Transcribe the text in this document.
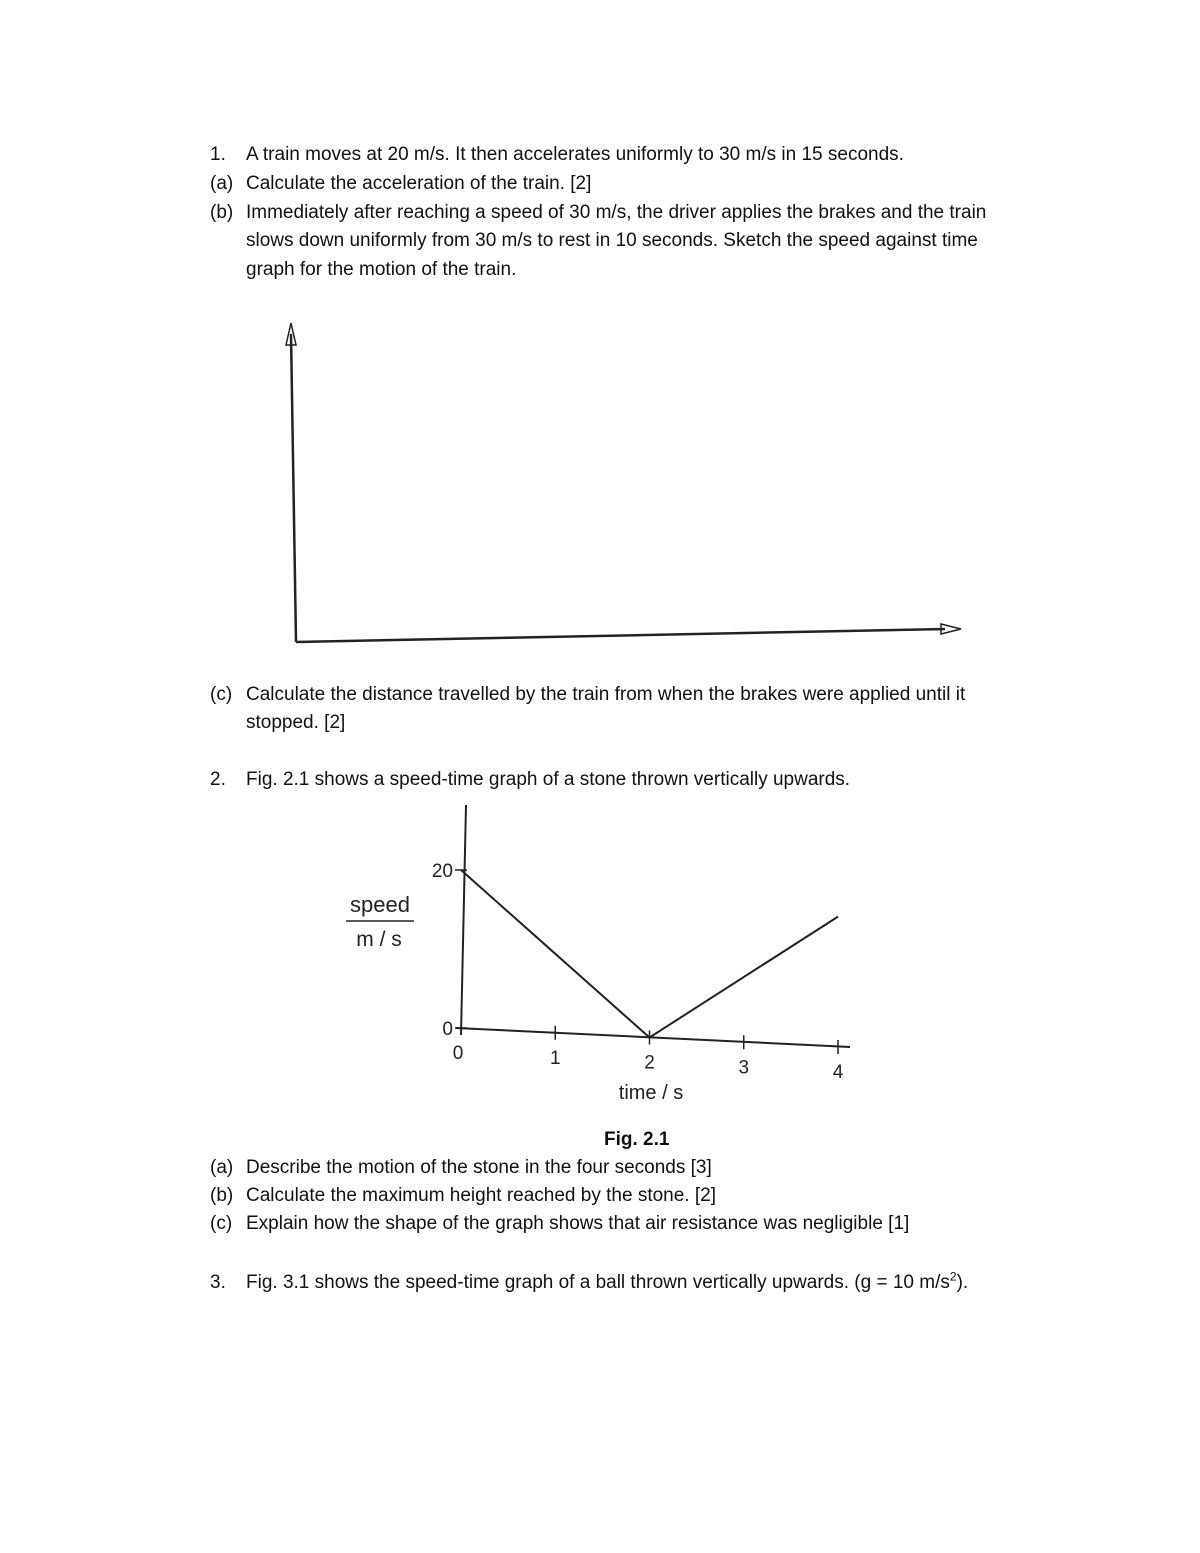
1. A train moves at 20 m/s. It then accelerates uniformly to 30 m/s in 15 seconds.
(a) Calculate the acceleration of the train. [2]
(b) Immediately after reaching a speed of 30 m/s, the driver applies the brakes and the train
slows down uniformly from 30 m/s to rest in 10 seconds. Sketch the speed against time
graph for the motion of the train.
(c) Calculate the distance travelled by the train from when the brakes were applied until it
stopped. [2]
2. Fig. 2.1 shows a speed-time graph of a stone thrown vertically upwards.
0	1	2	3	4
0
20
speed
m / s
time / s
Fig. 2.1
(a) Describe the motion of the stone in the four seconds [3]
(b) Calculate the maximum height reached by the stone. [2]
(c) Explain how the shape of the graph shows that air resistance was negligible [1]
3. Fig. 3.1 shows the speed-time graph of a ball thrown vertically upwards. (g = 10 $m/s^2$).
